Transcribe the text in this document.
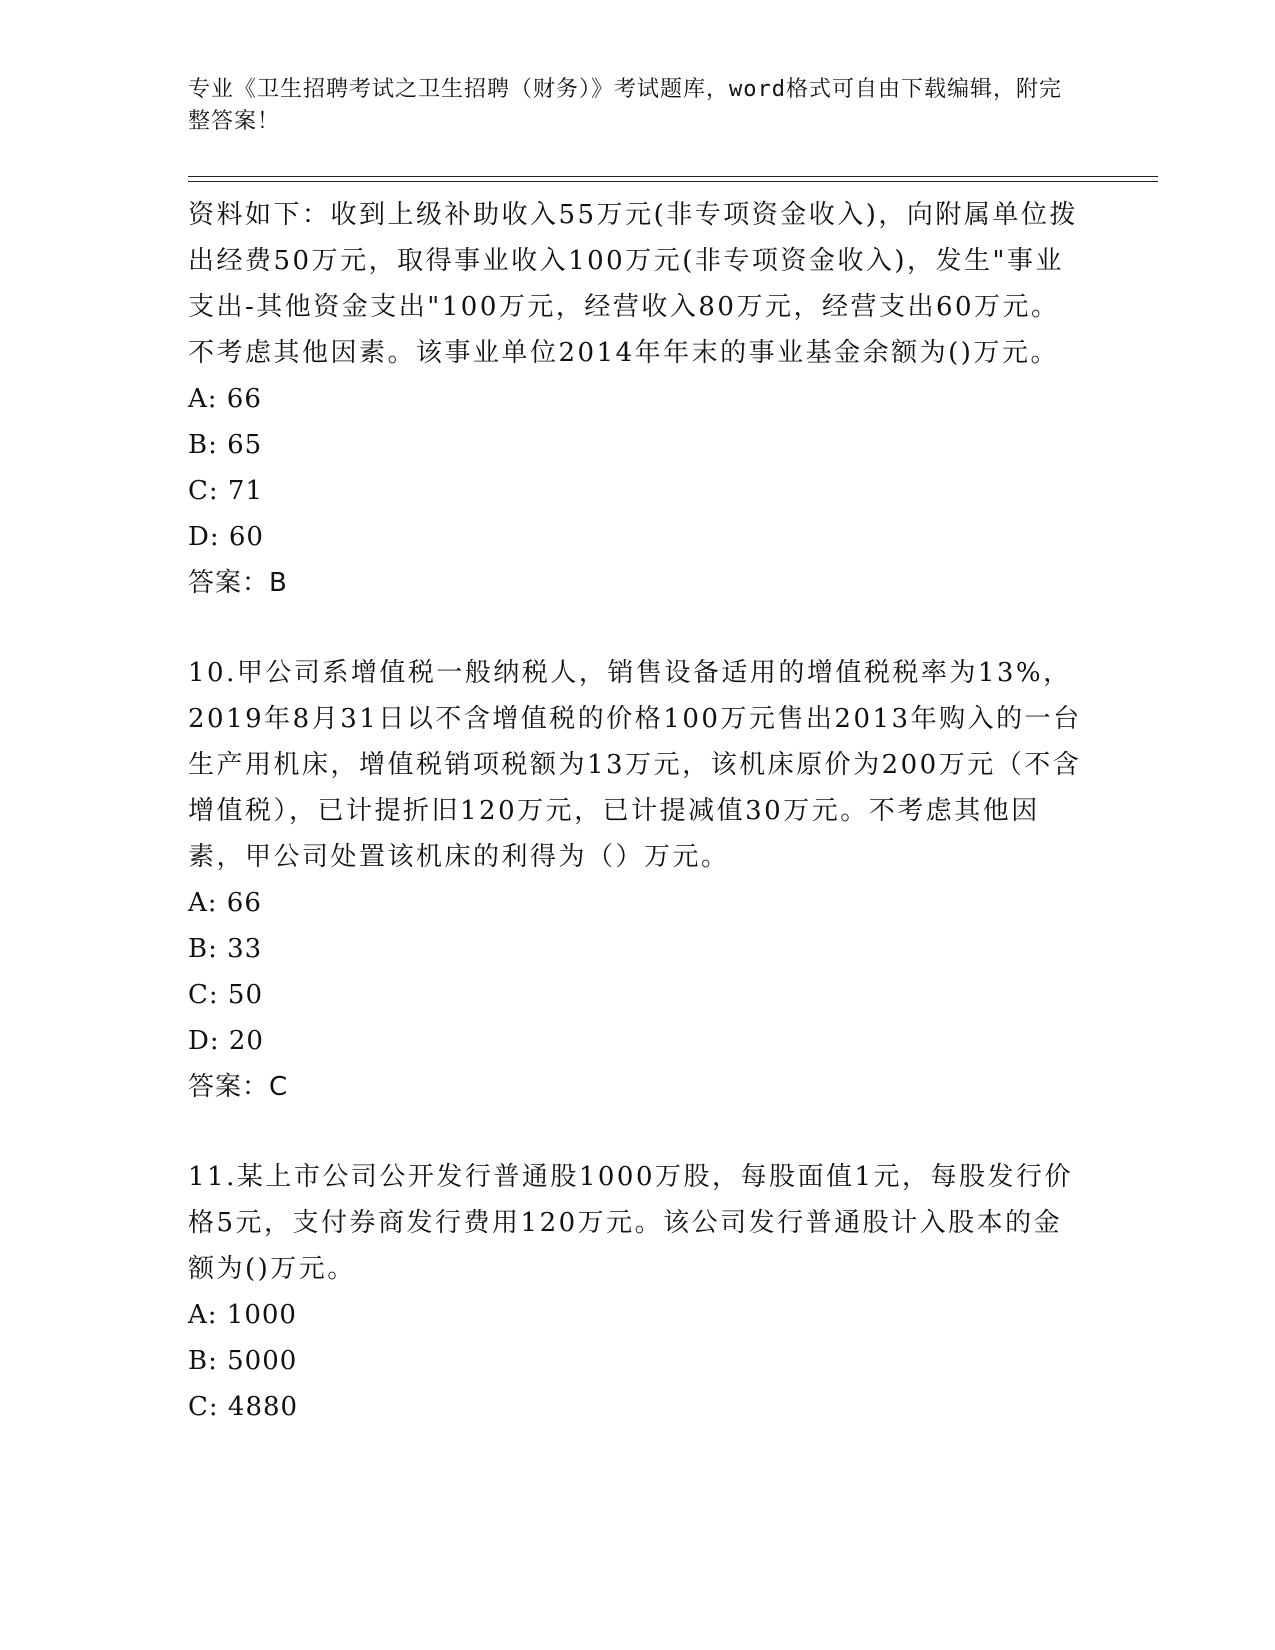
专业《卫生招聘考试之卫生招聘（财务）》考试题库，word格式可自由下载编辑，附完整答案！

资料如下：收到上级补助收入55万元(非专项资金收入)，向附属单位拨出经费50万元，取得事业收入100万元(非专项资金收入)，发生"事业支出-其他资金支出"100万元，经营收入80万元，经营支出60万元。不考虑其他因素。该事业单位2014年年末的事业基金余额为()万元。

A: 66

B: 65

C: 71

D: 60

答案：B

10.甲公司系增值税一般纳税人，销售设备适用的增值税税率为13%，2019年8月31日以不含增值税的价格100万元售出2013年购入的一台生产用机床，增值税销项税额为13万元，该机床原价为200万元（不含增值税），已计提折旧120万元，已计提减值30万元。不考虑其他因素，甲公司处置该机床的利得为（）万元。

A: 66

B: 33

C: 50

D: 20

答案：C

11.某上市公司公开发行普通股1000万股，每股面值1元，每股发行价格5元，支付券商发行费用120万元。该公司发行普通股计入股本的金额为()万元。

A: 1000

B: 5000

C: 4880
